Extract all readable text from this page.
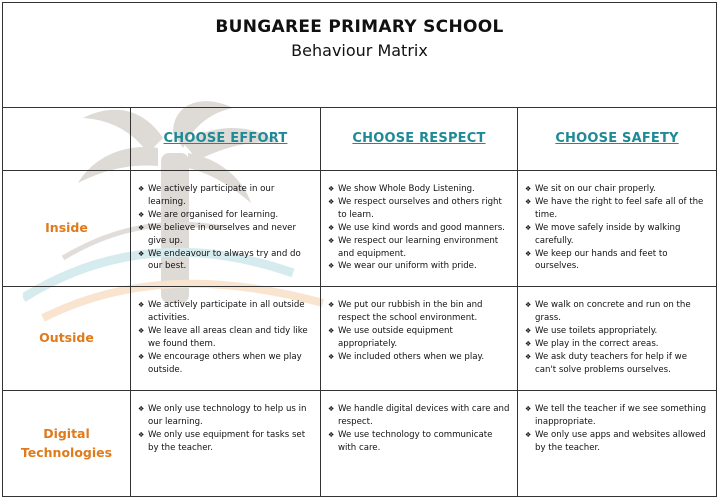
BUNGAREE PRIMARY SCHOOL
Behaviour Matrix
CHOOSE EFFORT	CHOOSE RESPECT	CHOOSE SAFETY
Inside
❖ We actively participate in our learning.
❖ We are organised for learning.
❖ We believe in ourselves and never give up.
❖ We endeavour to always try and do our best.
❖ We show Whole Body Listening.
❖ We respect ourselves and others right to learn.
❖ We use kind words and good manners.
❖ We respect our learning environment and equipment.
❖ We wear our uniform with pride.
❖ We sit on our chair properly.
❖ We have the right to feel safe all of the time.
❖ We move safely inside by walking carefully.
❖ We keep our hands and feet to ourselves.
Outside
❖ We actively participate in all outside activities.
❖ We leave all areas clean and tidy like we found them.
❖ We encourage others when we play outside.
❖ We put our rubbish in the bin and respect the school environment.
❖ We use outside equipment appropriately.
❖ We included others when we play.
❖ We walk on concrete and run on the grass.
❖ We use toilets appropriately.
❖ We play in the correct areas.
❖ We ask duty teachers for help if we can't solve problems ourselves.
Digital
Technologies
❖ We only use technology to help us in our learning.
❖ We only use equipment for tasks set by the teacher.
❖ We handle digital devices with care and respect.
❖ We use technology to communicate with care.
❖ We tell the teacher if we see something inappropriate.
❖ We only use apps and websites allowed by the teacher.
